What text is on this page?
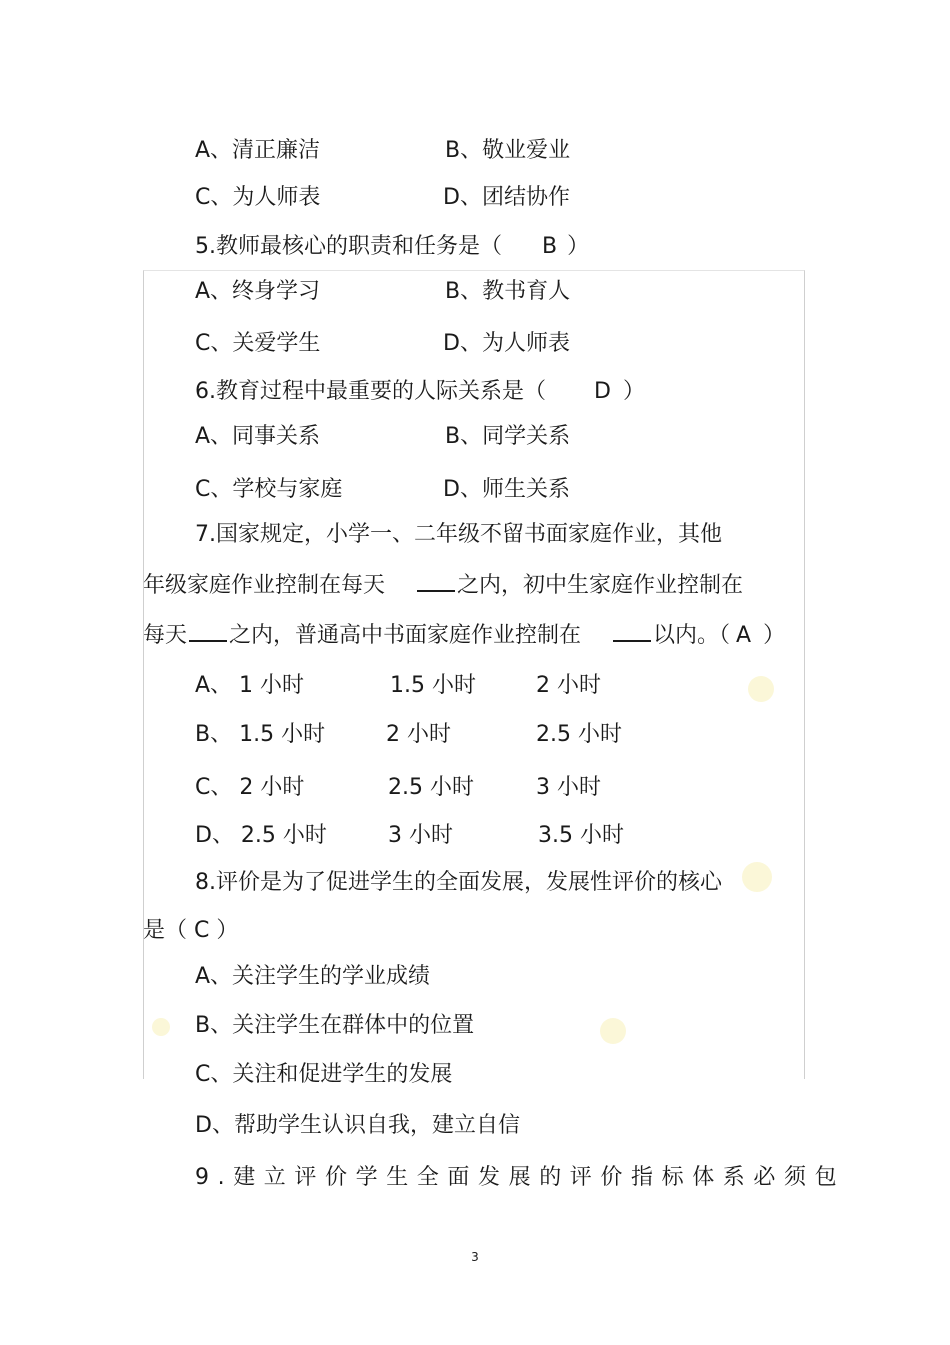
A、清正廉洁	B、敬业爱业
C、为人师表	D、团结协作
5.教师最核心的职责和任务是（ B ）
A、终身学习	B、教书育人
C、关爱学生	D、为人师表
6.教育过程中最重要的人际关系是（ D ）
A、同事关系	B、同学关系
C、学校与家庭	D、师生关系
7.国家规定，小学一、二年级不留书面家庭作业，其他
年级家庭作业控制在每天	之内，初中生家庭作业控制在
每天 之内，普通高中书面家庭作业控制在	以内。（ A ）
A、 1 小时	1.5 小时	2 小时
B、 1.5 小时	2 小时	2.5 小时
C、 2 小时	2.5 小时	3 小时
D、 2.5 小时	3 小时	3.5 小时
8.评价是为了促进学生的全面发展，发展性评价的核心
是（ C ）
A、关注学生的学业成绩
B、关注学生在群体中的位置
C、关注和促进学生的发展
D、帮助学生认识自我，建立自信
9.建立评价学生全面发展的评价指标体系必须包
3
